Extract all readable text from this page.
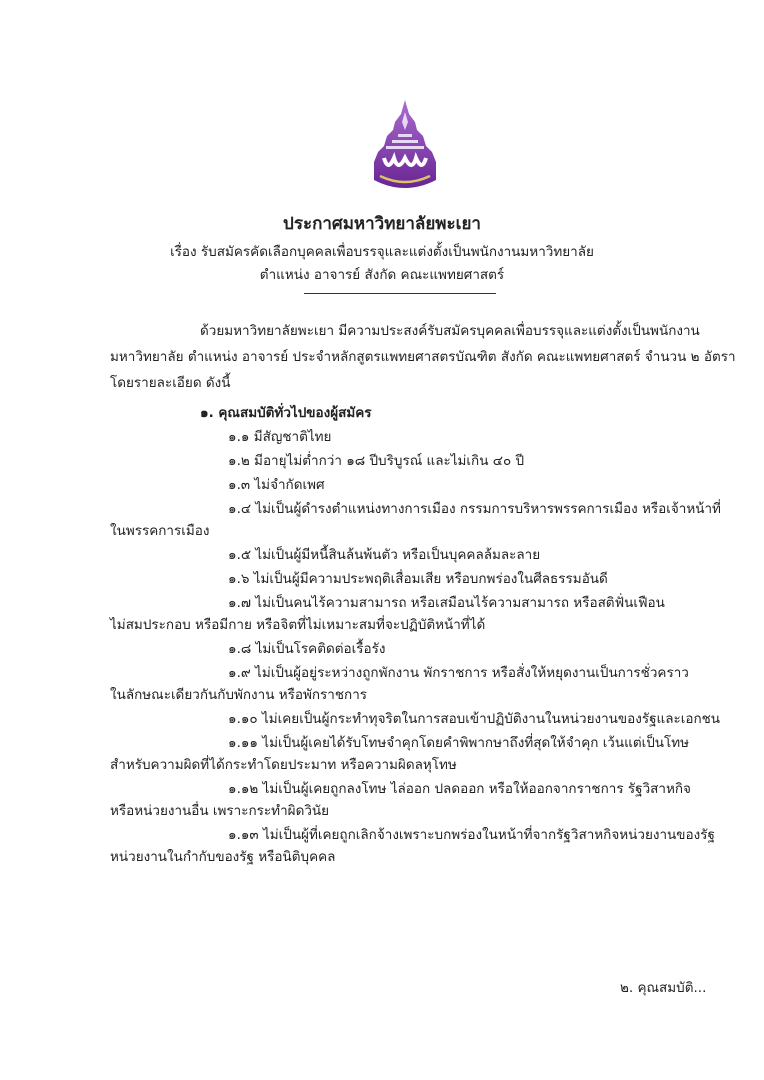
ประกาศมหาวิทยาลัยพะเยา
เรื่อง รับสมัครคัดเลือกบุคคลเพื่อบรรจุและแต่งตั้งเป็นพนักงานมหาวิทยาลัย
ตำแหน่ง อาจารย์ สังกัด คณะแพทยศาสตร์
ด้วยมหาวิทยาลัยพะเยา มีความประสงค์รับสมัครบุคคลเพื่อบรรจุและแต่งตั้งเป็นพนักงาน
มหาวิทยาลัย ตำแหน่ง อาจารย์ ประจำหลักสูตรแพทยศาสตรบัณฑิต สังกัด คณะแพทยศาสตร์ จำนวน ๒ อัตรา
โดยรายละเอียด ดังนี้
๑. คุณสมบัติทั่วไปของผู้สมัคร
๑.๑ มีสัญชาติไทย
๑.๒ มีอายุไม่ต่ำกว่า ๑๘ ปีบริบูรณ์ และไม่เกิน ๔๐ ปี
๑.๓ ไม่จำกัดเพศ
๑.๔ ไม่เป็นผู้ดำรงตำแหน่งทางการเมือง กรรมการบริหารพรรคการเมือง หรือเจ้าหน้าที่
ในพรรคการเมือง
๑.๕ ไม่เป็นผู้มีหนี้สินล้นพ้นตัว หรือเป็นบุคคลล้มละลาย
๑.๖ ไม่เป็นผู้มีความประพฤติเสื่อมเสีย หรือบกพร่องในศีลธรรมอันดี
๑.๗ ไม่เป็นคนไร้ความสามารถ หรือเสมือนไร้ความสามารถ หรือสติฟั่นเฟือน
ไม่สมประกอบ หรือมีกาย หรือจิตที่ไม่เหมาะสมที่จะปฏิบัติหน้าที่ได้
๑.๘ ไม่เป็นโรคติดต่อเรื้อรัง
๑.๙ ไม่เป็นผู้อยู่ระหว่างถูกพักงาน พักราชการ หรือสั่งให้หยุดงานเป็นการชั่วคราว
ในลักษณะเดียวกันกับพักงาน หรือพักราชการ
๑.๑๐ ไม่เคยเป็นผู้กระทำทุจริตในการสอบเข้าปฏิบัติงานในหน่วยงานของรัฐและเอกชน
๑.๑๑ ไม่เป็นผู้เคยได้รับโทษจำคุกโดยคำพิพากษาถึงที่สุดให้จำคุก เว้นแต่เป็นโทษ
สำหรับความผิดที่ได้กระทำโดยประมาท หรือความผิดลหุโทษ
๑.๑๒ ไม่เป็นผู้เคยถูกลงโทษ ไล่ออก ปลดออก หรือให้ออกจากราชการ รัฐวิสาหกิจ
หรือหน่วยงานอื่น เพราะกระทำผิดวินัย
๑.๑๓ ไม่เป็นผู้ที่เคยถูกเลิกจ้างเพราะบกพร่องในหน้าที่จากรัฐวิสาหกิจหน่วยงานของรัฐ
หน่วยงานในกำกับของรัฐ หรือนิติบุคคล
๒. คุณสมบัติ...
